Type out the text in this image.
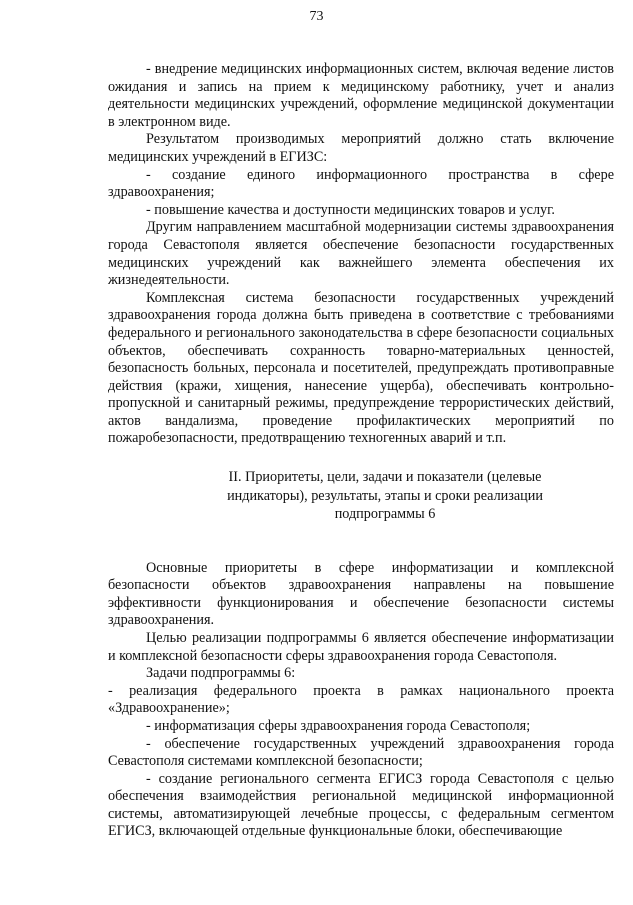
73

- внедрение медицинских информационных систем, включая ведение листов ожидания и запись на прием к медицинскому работнику, учет и анализ деятельности медицинских учреждений, оформление медицинской документации в электронном виде.

Результатом производимых мероприятий должно стать включение медицинских учреждений в ЕГИЗС:

- создание единого информационного пространства в сфере здравоохранения;

- повышение качества и доступности медицинских товаров и услуг.

Другим направлением масштабной модернизации системы здравоохранения города Севастополя является обеспечение безопасности государственных медицинских учреждений как важнейшего элемента обеспечения их жизнедеятельности.

Комплексная система безопасности государственных учреждений здравоохранения города должна быть приведена в соответствие с требованиями федерального и регионального законодательства в сфере безопасности социальных объектов, обеспечивать сохранность товарно-материальных ценностей, безопасность больных, персонала и посетителей, предупреждать противоправные действия (кражи, хищения, нанесение ущерба), обеспечивать контрольно-пропускной и санитарный режимы, предупреждение террористических действий, актов вандализма, проведение профилактических мероприятий по пожаробезопасности, предотвращению техногенных аварий и т.п.

II. Приоритеты, цели, задачи и показатели (целевые
индикаторы), результаты, этапы и сроки реализации
подпрограммы 6

Основные приоритеты в сфере информатизации и комплексной безопасности объектов здравоохранения направлены на повышение эффективности функционирования и обеспечение безопасности системы здравоохранения.

Целью реализации подпрограммы 6 является обеспечение информатизации и комплексной безопасности сферы здравоохранения города Севастополя.

Задачи подпрограммы 6:

- реализация федерального проекта в рамках национального проекта «Здравоохранение»;

- информатизация сферы здравоохранения города Севастополя;

- обеспечение государственных учреждений здравоохранения города Севастополя системами комплексной безопасности;

- создание регионального сегмента ЕГИСЗ города Севастополя с целью обеспечения взаимодействия региональной медицинской информационной системы, автоматизирующей лечебные процессы, с федеральным сегментом ЕГИСЗ, включающей отдельные функциональные блоки, обеспечивающие
